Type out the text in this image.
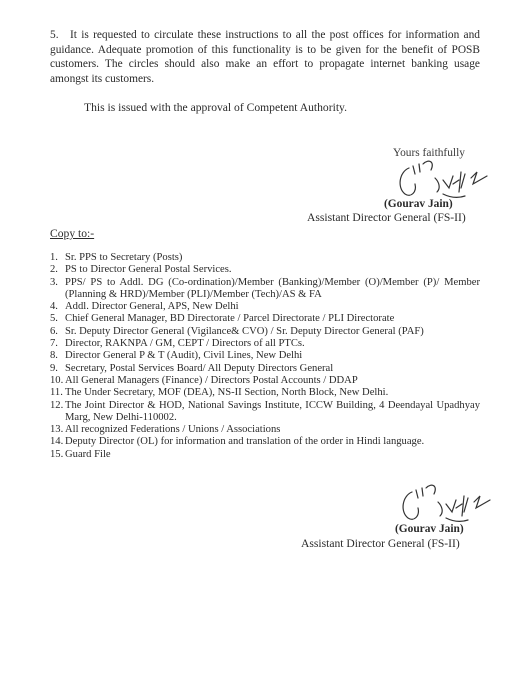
5. It is requested to circulate these instructions to all the post offices for information and guidance. Adequate promotion of this functionality is to be given for the benefit of POSB customers. The circles should also make an effort to propagate internet banking usage amongst its customers.

This is issued with the approval of Competent Authority.
Yours faithfully
(Gourav Jain)
Assistant Director General (FS-II)
Copy to:-
1. Sr. PPS to Secretary (Posts)
2. PS to Director General Postal Services.
3. PPS/ PS to Addl. DG (Co-ordination)/Member (Banking)/Member (O)/Member (P)/ Member (Planning & HRD)/Member (PLI)/Member (Tech)/AS & FA
4. Addl. Director General, APS, New Delhi
5. Chief General Manager, BD Directorate / Parcel Directorate / PLI Directorate
6. Sr. Deputy Director General (Vigilance& CVO) / Sr. Deputy Director General (PAF)
7. Director, RAKNPA / GM, CEPT / Directors of all PTCs.
8. Director General P & T (Audit), Civil Lines, New Delhi
9. Secretary, Postal Services Board/ All Deputy Directors General
10. All General Managers (Finance) / Directors Postal Accounts / DDAP
11. The Under Secretary, MOF (DEA), NS-II Section, North Block, New Delhi.
12. The Joint Director & HOD, National Savings Institute, ICCW Building, 4 Deendayal Upadhyay Marg, New Delhi-110002.
13. All recognized Federations / Unions / Associations
14. Deputy Director (OL) for information and translation of the order in Hindi language.
15. Guard File
(Gourav Jain)
Assistant Director General (FS-II)
